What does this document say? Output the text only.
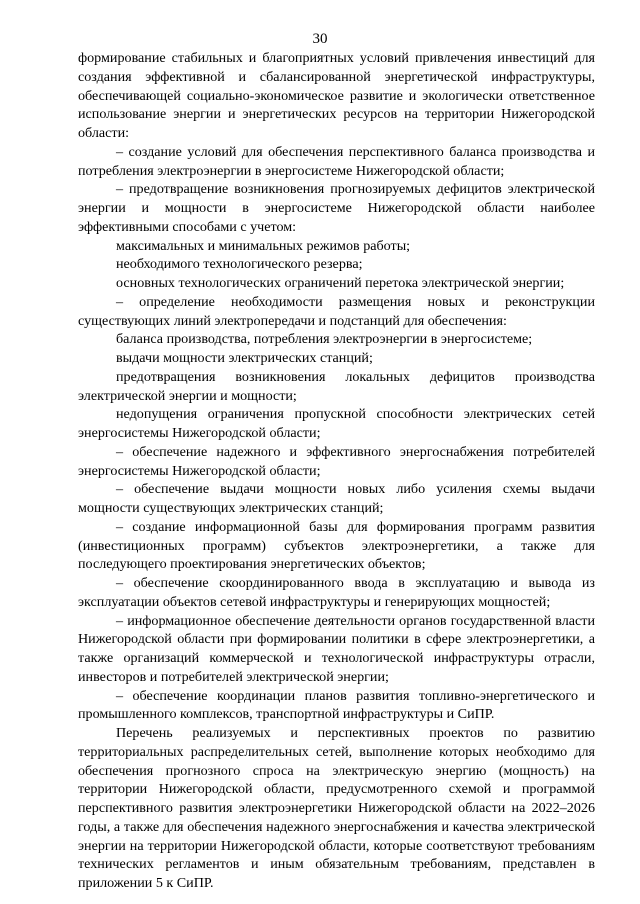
30

формирование стабильных и благоприятных условий привлечения инвестиций для создания эффективной и сбалансированной энергетической инфраструктуры, обеспечивающей социально-экономическое развитие и экологически ответственное использование энергии и энергетических ресурсов на территории Нижегородской области:

– создание условий для обеспечения перспективного баланса производства и потребления электроэнергии в энергосистеме Нижегородской области;

– предотвращение возникновения прогнозируемых дефицитов электрической энергии и мощности в энергосистеме Нижегородской области наиболее эффективными способами с учетом:

максимальных и минимальных режимов работы;

необходимого технологического резерва;

основных технологических ограничений перетока электрической энергии;

– определение необходимости размещения новых и реконструкции существующих линий электропередачи и подстанций для обеспечения:

баланса производства, потребления электроэнергии в энергосистеме;

выдачи мощности электрических станций;

предотвращения возникновения локальных дефицитов производства электрической энергии и мощности;

недопущения ограничения пропускной способности электрических сетей энергосистемы Нижегородской области;

– обеспечение надежного и эффективного энергоснабжения потребителей энергосистемы Нижегородской области;

– обеспечение выдачи мощности новых либо усиления схемы выдачи мощности существующих электрических станций;

– создание информационной базы для формирования программ развития (инвестиционных программ) субъектов электроэнергетики, а также для последующего проектирования энергетических объектов;

– обеспечение скоординированного ввода в эксплуатацию и вывода из эксплуатации объектов сетевой инфраструктуры и генерирующих мощностей;

– информационное обеспечение деятельности органов государственной власти Нижегородской области при формировании политики в сфере электроэнергетики, а также организаций коммерческой и технологической инфраструктуры отрасли, инвесторов и потребителей электрической энергии;

– обеспечение координации планов развития топливно-энергетического и промышленного комплексов, транспортной инфраструктуры и СиПР.

Перечень реализуемых и перспективных проектов по развитию территориальных распределительных сетей, выполнение которых необходимо для обеспечения прогнозного спроса на электрическую энергию (мощность) на территории Нижегородской области, предусмотренного схемой и программой перспективного развития электроэнергетики Нижегородской области на 2022–2026 годы, а также для обеспечения надежного энергоснабжения и качества электрической энергии на территории Нижегородской области, которые соответствуют требованиям технических регламентов и иным обязательным требованиям, представлен в приложении 5 к СиПР.
